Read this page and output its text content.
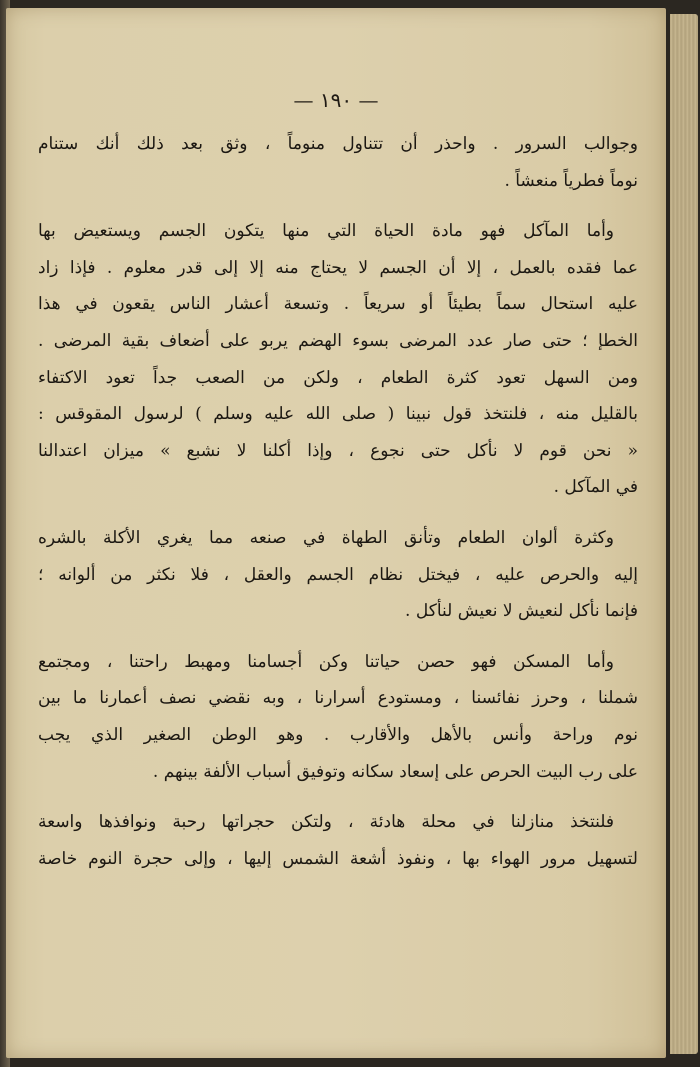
— ١٩٠ —
وجوالب السرور . واحذر أن تتناول منوماً ، وثق بعد ذلك أنك ستنام
نوماً فطرياً منعشاً .
وأما المآكل فهو مادة الحياة التي منها يتكون الجسم ويستعيض بها
عما فقده بالعمل ، إلا أن الجسم لا يحتاج منه إلا إلى قدر معلوم . فإذا زاد
عليه استحال سماً بطيئاً أو سريعاً . وتسعة أعشار الناس يقعون في هذا
الخطإ ؛ حتى صار عدد المرضى بسوء الهضم يربو على أضعاف بقية المرضى .
ومن السهل تعود كثرة الطعام ، ولكن من الصعب جداً تعود الاكتفاء
بالقليل منه ، فلنتخذ قول نبينا ( صلى الله عليه وسلم ) لرسول المقوقس :
« نحن قوم لا نأكل حتى نجوع ، وإذا أكلنا لا نشبع » ميزان اعتدالنا
في المآكل .
وكثرة ألوان الطعام وتأنق الطهاة في صنعه مما يغري الأكلة بالشره
إليه والحرص عليه ، فيختل نظام الجسم والعقل ، فلا نكثر من ألوانه ؛
فإنما نأكل لنعيش لا نعيش لنأكل .
وأما المسكن فهو حصن حياتنا وكن أجسامنا ومهبط راحتنا ، ومجتمع
شملنا ، وحرز نفائسنا ، ومستودع أسرارنا ، وبه نقضي نصف أعمارنا ما بين
نوم وراحة وأنس بالأهل والأقارب . وهو الوطن الصغير الذي يجب
على رب البيت الحرص على إسعاد سكانه وتوفيق أسباب الألفة بينهم .
فلنتخذ منازلنا في محلة هادئة ، ولتكن حجراتها رحبة ونوافذها واسعة
لتسهيل مرور الهواء بها ، ونفوذ أشعة الشمس إليها ، وإلى حجرة النوم خاصة
